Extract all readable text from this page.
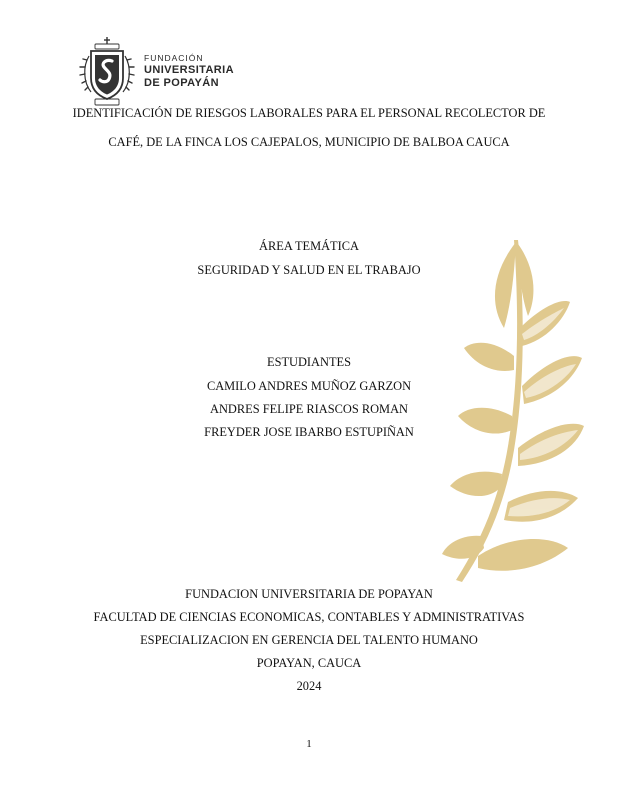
FUNDACIÓN
UNIVERSITARIA
DE POPAYÁN
IDENTIFICACIÓN DE RIESGOS LABORALES PARA EL PERSONAL RECOLECTOR DE
CAFÉ, DE LA FINCA LOS CAJEPALOS, MUNICIPIO DE BALBOA CAUCA
ÁREA TEMÁTICA
SEGURIDAD Y SALUD EN EL TRABAJO
ESTUDIANTES
CAMILO ANDRES MUÑOZ GARZON
ANDRES FELIPE RIASCOS ROMAN
FREYDER JOSE IBARBO ESTUPIÑAN
FUNDACION UNIVERSITARIA DE POPAYAN
FACULTAD DE CIENCIAS ECONOMICAS, CONTABLES Y ADMINISTRATIVAS
ESPECIALIZACION EN GERENCIA DEL TALENTO HUMANO
POPAYAN, CAUCA
2024
1
